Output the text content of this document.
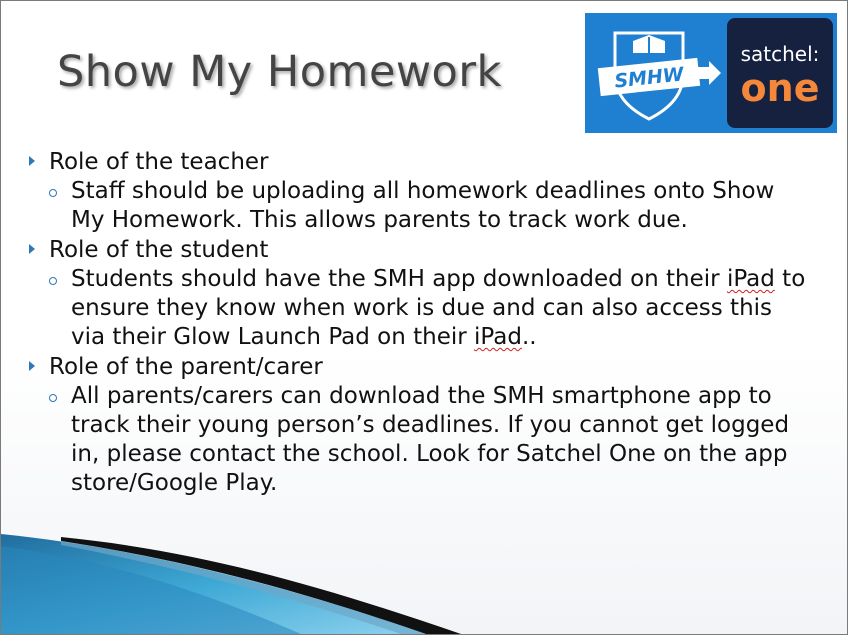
Show My Homework	SMHW
satchel:
one
Role of the teacher
Staff should be uploading all homework deadlines onto Show My Homework. This allows parents to track work due.
Role of the student
Students should have the SMH app downloaded on their iPad to ensure they know when work is due and can also access this via their Glow Launch Pad on their iPad..
Role of the parent/carer
All parents/carers can download the SMH smartphone app to track their young person’s deadlines. If you cannot get logged in, please contact the school. Look for Satchel One on the app store/Google Play.
